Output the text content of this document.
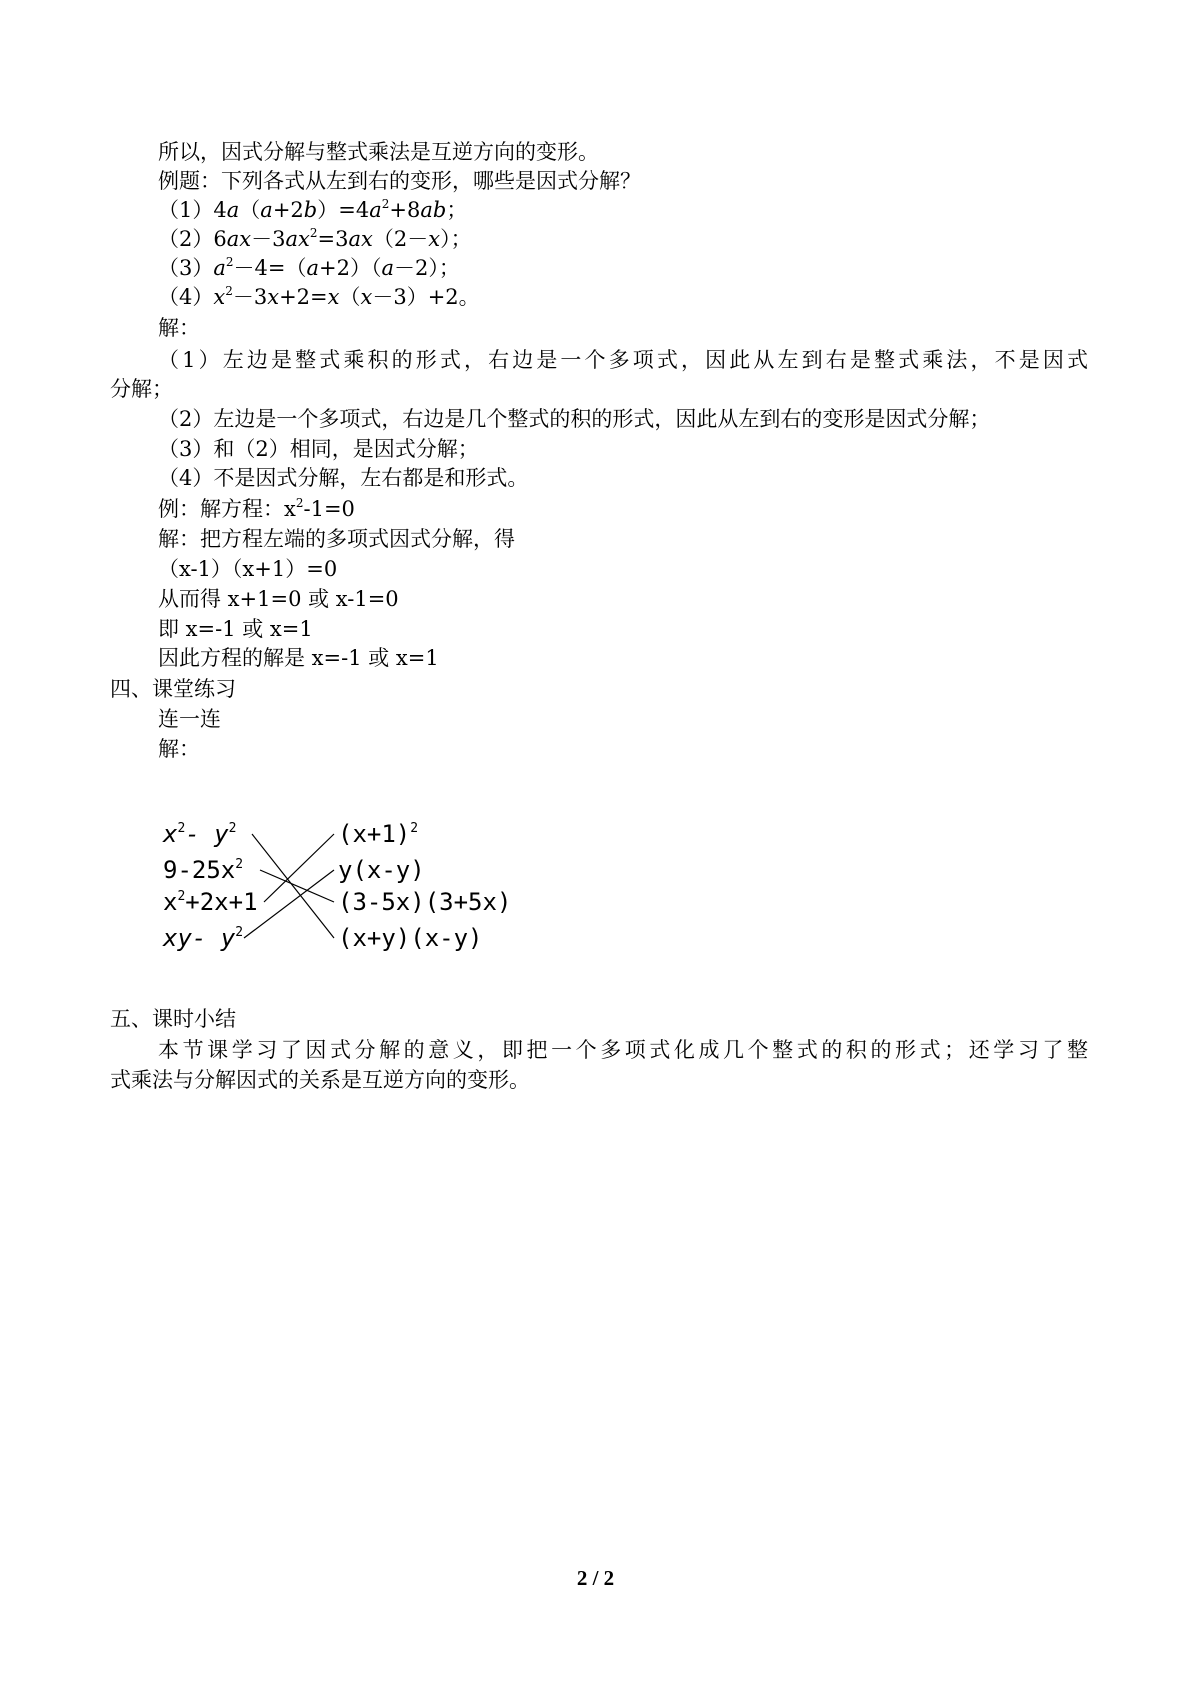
所以，因式分解与整式乘法是互逆方向的变形。
例题：下列各式从左到右的变形，哪些是因式分解？
$(1)4a(a+2b)=4a^2+8ab$；
$(2)6ax-3ax^2=3ax(2-x)$；
$(3)a^2-4=(a+2)(a-2)$；
$(4)x^2-3x+2=x(x-3)+2$。
解：
（1）左边是整式乘积的形式，右边是一个多项式，因此从左到右是整式乘法，不是因式
分解；
（2）左边是一个多项式，右边是几个整式的积的形式，因此从左到右的变形是因式分解；
（3）和（2）相同，是因式分解；
（4）不是因式分解，左右都是和形式。
例：解方程：$x^2-1=0$
解：把方程左端的多项式因式分解，得
（x-1）（x+1）=0
从而得 x+1=0 或 x-1=0
即 x=-1 或 x=1
因此方程的解是 x=-1 或 x=1
四、课堂练习
连一连
解：
$x^2-$ $y^2$
$9-25x^2$
$x^2+2x+1$
xy- $y^2$
$(x+1)^2$
y(x-y)
(3-5x)(3+5x)
(x+y)(x-y)
五、课时小结
本节课学习了因式分解的意义，即把一个多项式化成几个整式的积的形式；还学习了整
式乘法与分解因式的关系是互逆方向的变形。
2 / 2
